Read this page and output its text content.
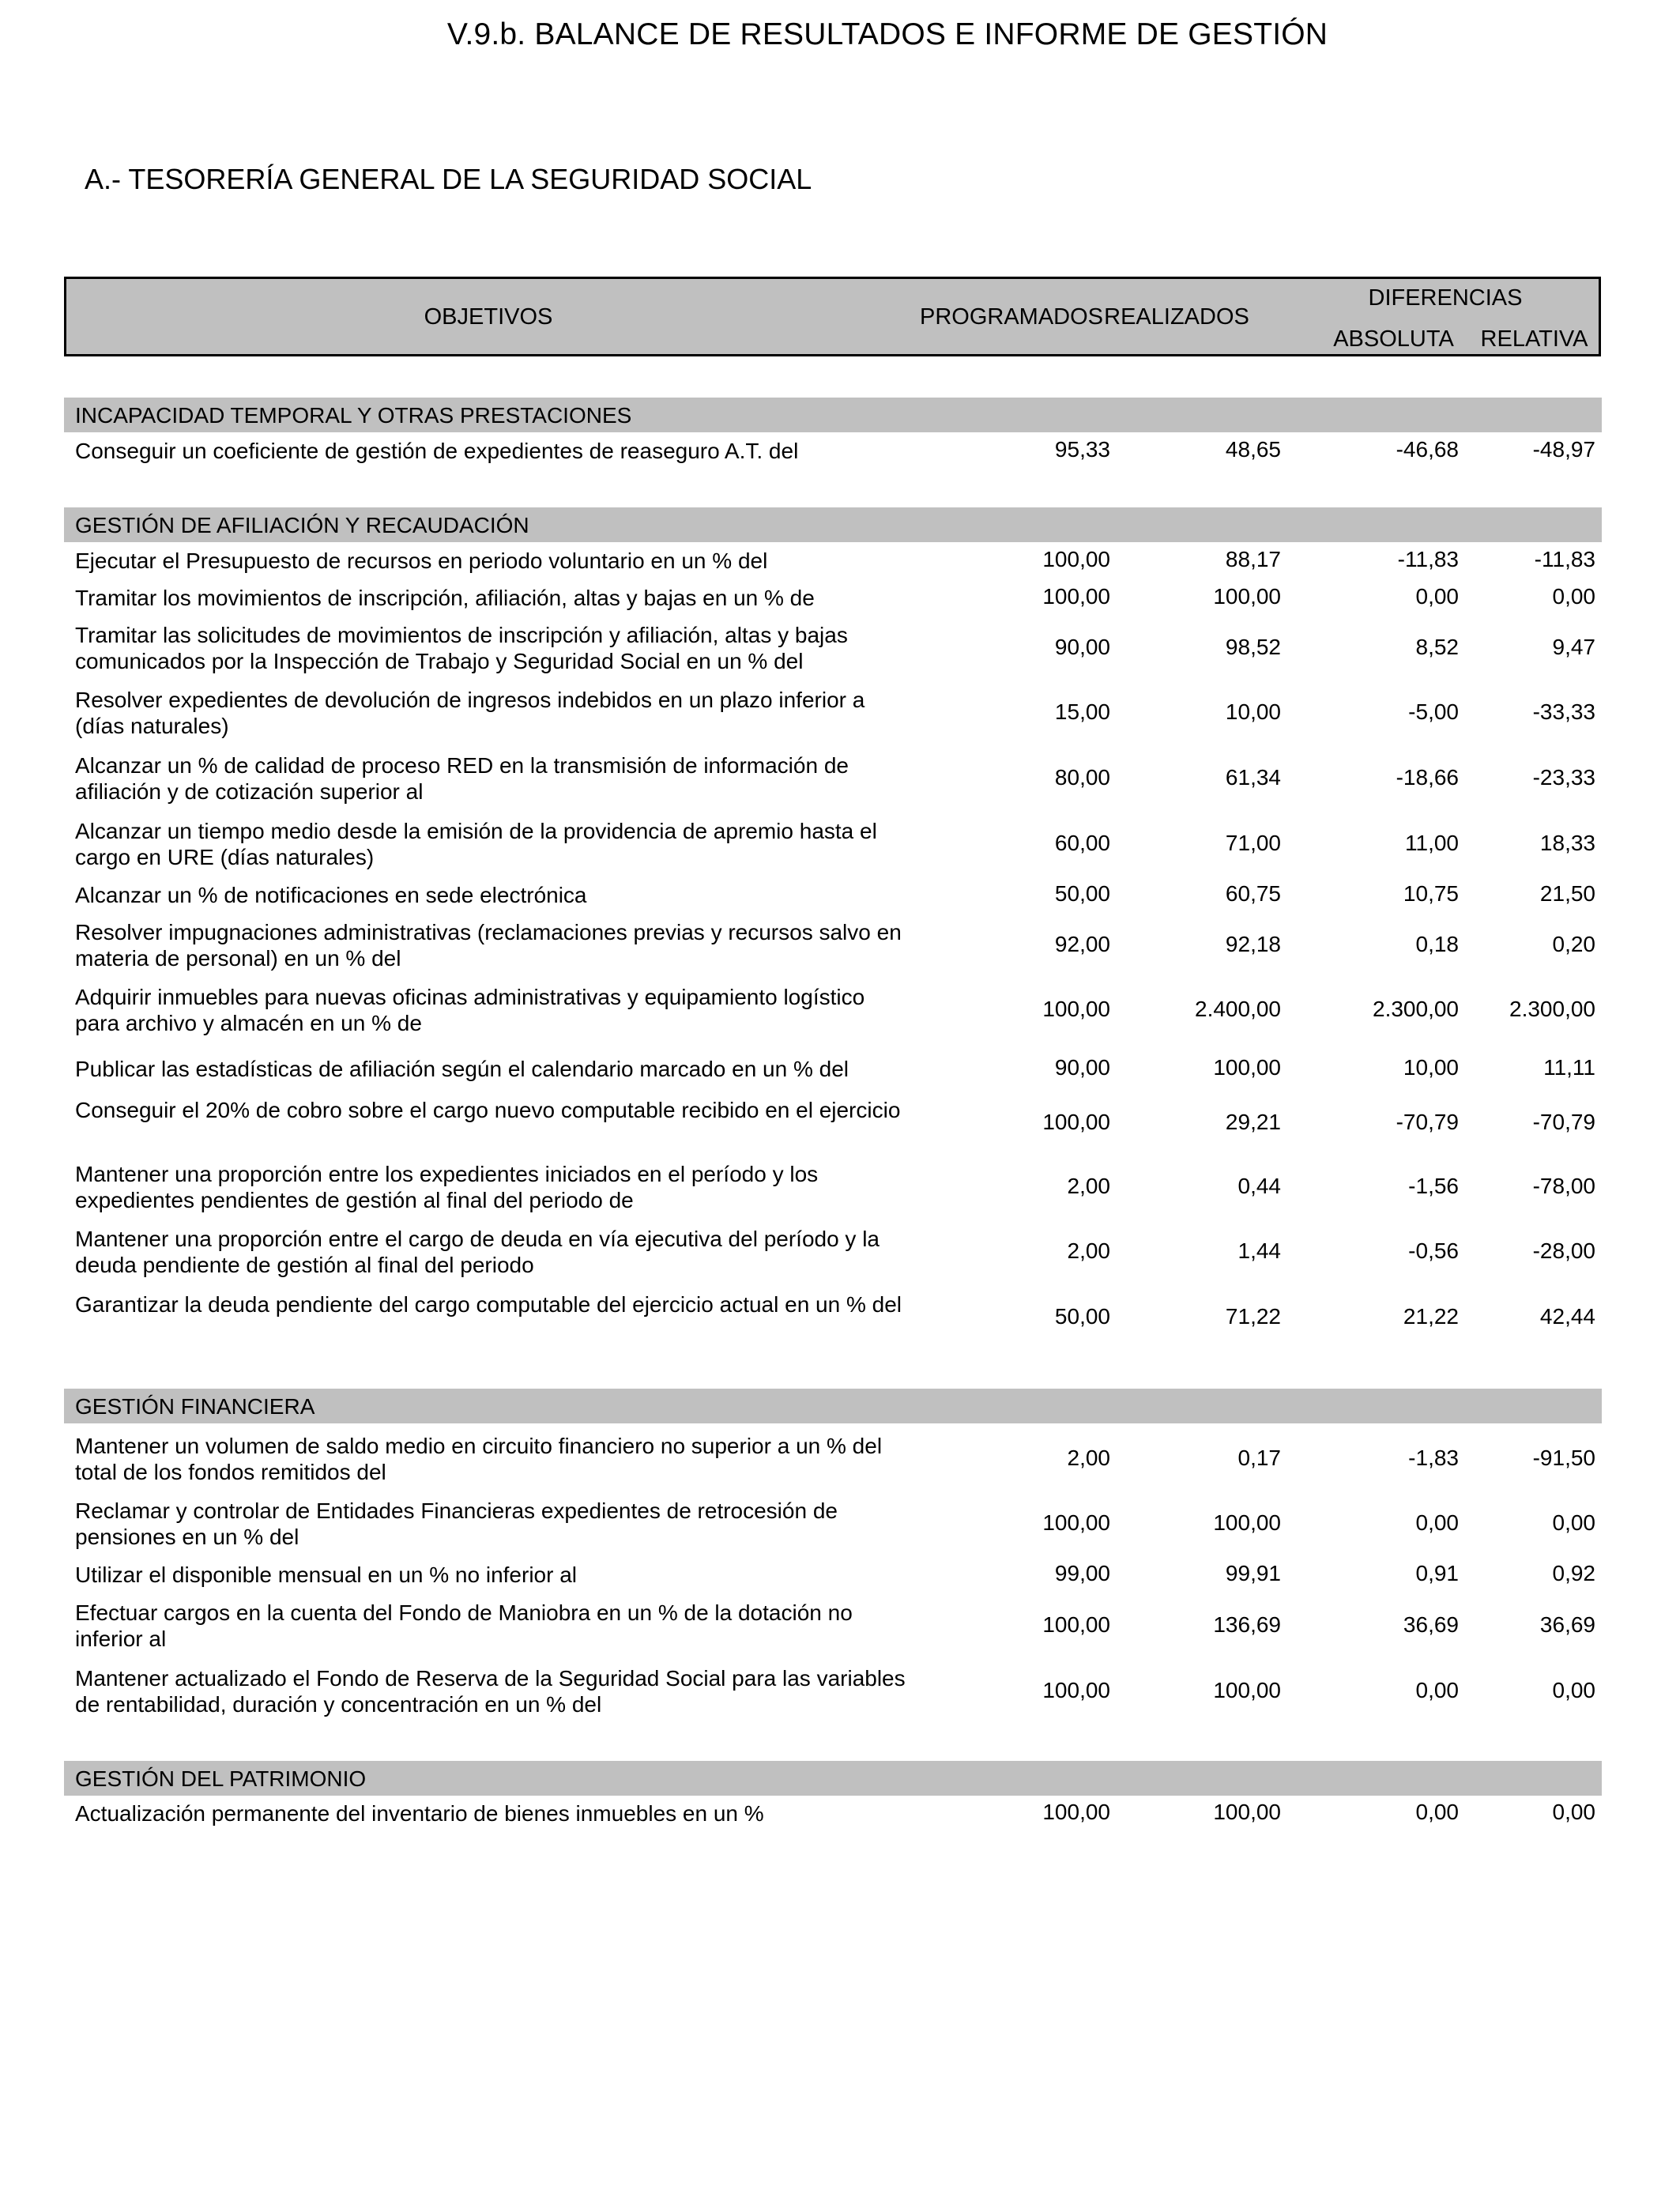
V.9.b. BALANCE DE RESULTADOS E INFORME DE GESTIÓN
A.- TESORERÍA GENERAL DE LA SEGURIDAD SOCIAL
OBJETIVOS	PROGRAMADOS REALIZADOS
DIFERENCIAS
ABSOLUTA	RELATIVA
INCAPACIDAD TEMPORAL Y OTRAS PRESTACIONES
Conseguir un coeficiente de gestión de expedientes de reaseguro A.T. del	95,33	48,65	-46,68	-48,97
GESTIÓN DE AFILIACIÓN Y RECAUDACIÓN
Ejecutar el Presupuesto de recursos en periodo voluntario en un % del	100,00	88,17	-11,83	-11,83
Tramitar los movimientos de inscripción, afiliación, altas y bajas en un % de	100,00	100,00	0,00	0,00
Tramitar las solicitudes de movimientos de inscripción y afiliación, altas y bajas comunicados por la Inspección de Trabajo y Seguridad Social en un % del
90,00	98,52	8,52	9,47
Resolver expedientes de devolución de ingresos indebidos en un plazo inferior a (días naturales)
15,00	10,00	-5,00	-33,33
Alcanzar un % de calidad de proceso RED en la transmisión de información de afiliación y de cotización superior al
80,00	61,34	-18,66	-23,33
Alcanzar un tiempo medio desde la emisión de la providencia de apremio hasta el cargo en URE (días naturales)
60,00	71,00	11,00	18,33
Alcanzar un % de notificaciones en sede electrónica	50,00	60,75	10,75	21,50
Resolver impugnaciones administrativas (reclamaciones previas y recursos salvo en materia de personal) en un % del
92,00	92,18	0,18	0,20
Adquirir inmuebles para nuevas oficinas administrativas y equipamiento logístico para archivo y almacén en un % de
100,00	2.400,00	2.300,00 2.300,00
Publicar las estadísticas de afiliación según el calendario marcado en un % del	90,00	100,00	10,00	11,11
Conseguir el 20% de cobro sobre el cargo nuevo computable recibido en el ejercicio	100,00	29,21	-70,79	-70,79
Mantener una proporción entre los expedientes iniciados en el período y los expedientes pendientes de gestión al final del periodo de
2,00	0,44	-1,56	-78,00
Mantener una proporción entre el cargo de deuda en vía ejecutiva del período y la deuda pendiente de gestión al final del periodo
2,00	1,44	-0,56	-28,00
Garantizar la deuda pendiente del cargo computable del ejercicio actual en un % del	50,00	71,22	21,22	42,44
GESTIÓN FINANCIERA
Mantener un volumen de saldo medio en circuito financiero no superior a un % del total de los fondos remitidos del
2,00	0,17	-1,83	-91,50
Reclamar y controlar de Entidades Financieras expedientes de retrocesión de pensiones en un % del
100,00	100,00	0,00	0,00
Utilizar el disponible mensual en un % no inferior al	99,00	99,91	0,91	0,92
Efectuar cargos en la cuenta del Fondo de Maniobra en un % de la dotación no inferior al
100,00	136,69	36,69	36,69
Mantener actualizado el Fondo de Reserva de la Seguridad Social para las variables de rentabilidad, duración y concentración en un % del
100,00	100,00	0,00	0,00
GESTIÓN DEL PATRIMONIO
Actualización permanente del inventario de bienes inmuebles en un %	100,00	100,00	0,00	0,00
